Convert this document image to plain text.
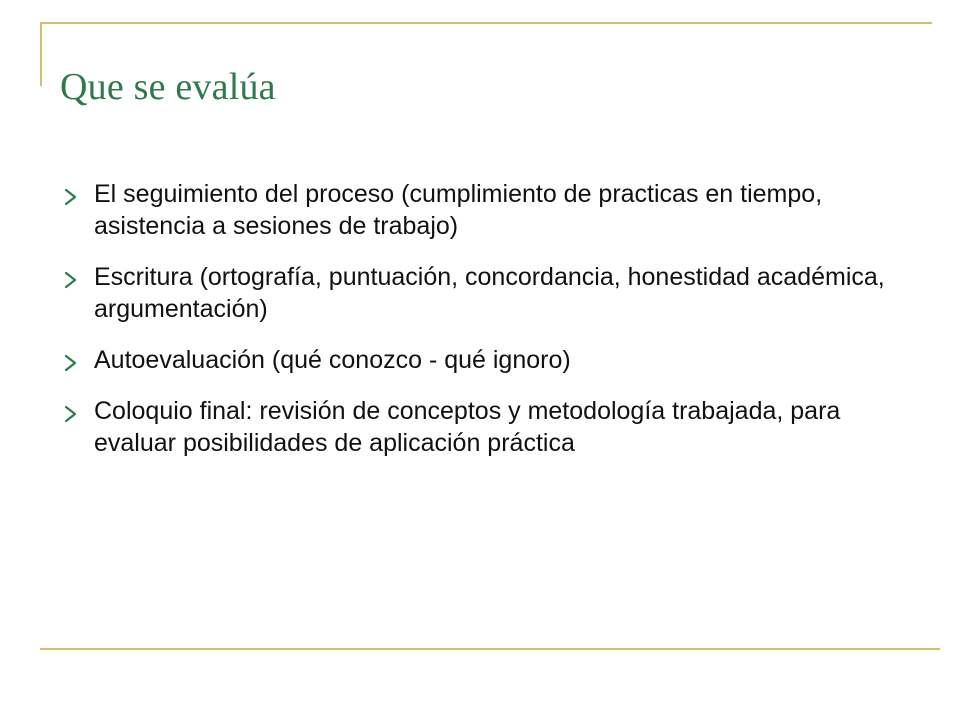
Que se evalúa
El seguimiento del proceso (cumplimiento de practicas en tiempo, asistencia a sesiones de trabajo)
Escritura (ortografía, puntuación, concordancia, honestidad académica, argumentación)
Autoevaluación (qué conozco - qué ignoro)
Coloquio final: revisión de conceptos y metodología trabajada, para evaluar posibilidades de aplicación práctica
